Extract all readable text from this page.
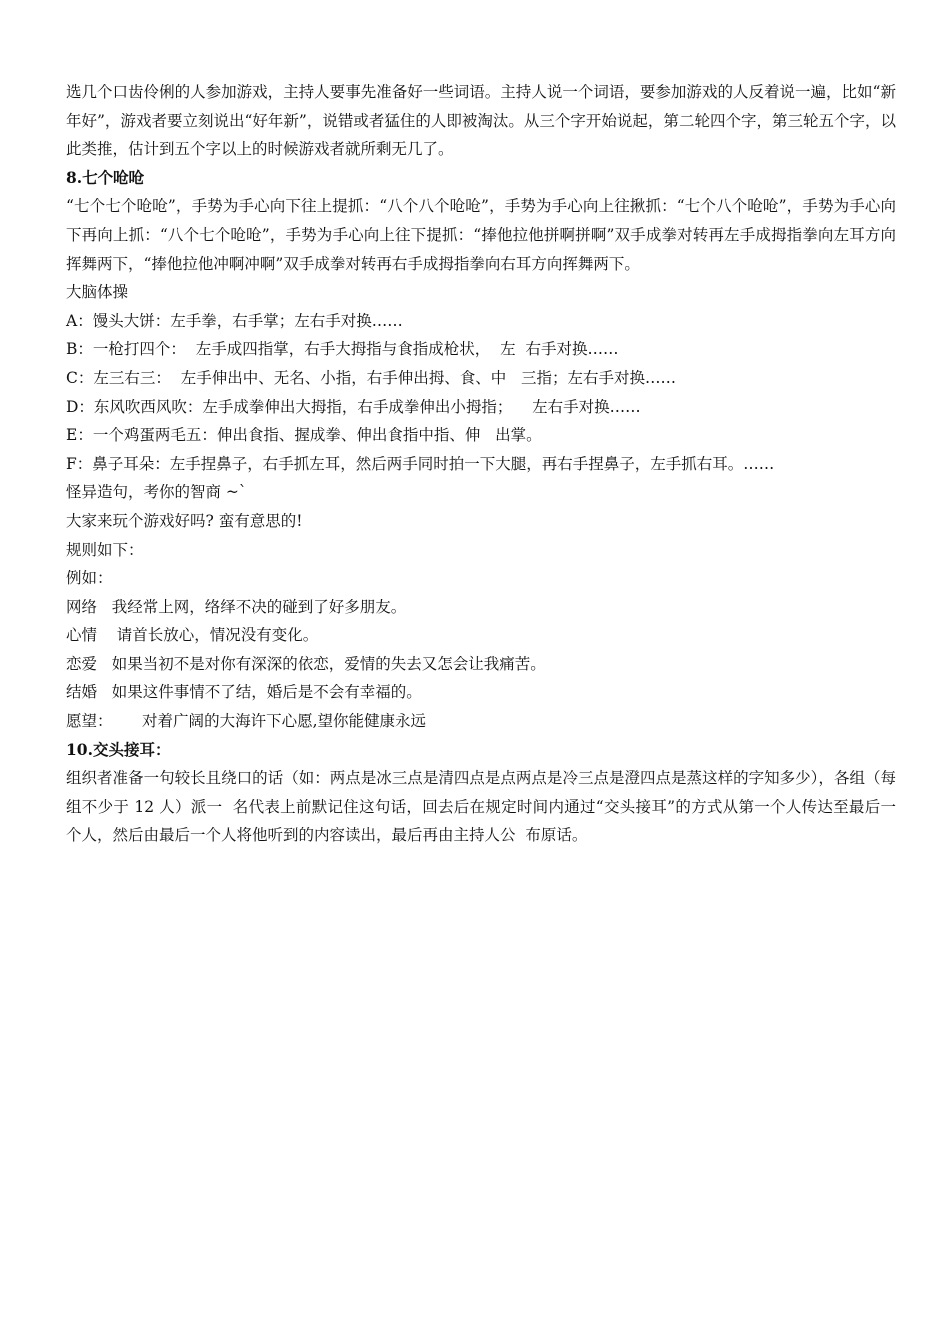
选几个口齿伶俐的人参加游戏，主持人要事先准备好一些词语。主持人说一个词语，要参加游戏的人反着说一遍，比如“新年好”，游戏者要立刻说出“好年新”，说错或者猛住的人即被淘汰。从三个字开始说起，第二轮四个字，第三轮五个字，以此类推，估计到五个字以上的时候游戏者就所剩无几了。

8.七个呛呛

“七个七个呛呛”，手势为手心向下往上提抓：“八个八个呛呛”，手势为手心向上往揪抓：“七个八个呛呛”，手势为手心向下再向上抓：“八个七个呛呛”，手势为手心向上往下提抓：“捧他拉他拼啊拼啊”双手成拳对转再左手成拇指拳向左耳方向挥舞两下，“捧他拉他冲啊冲啊”双手成拳对转再右手成拇指拳向右耳方向挥舞两下。

大脑体操

A：馒头大饼：左手拳，右手掌；左右手对换……

B：一枪打四个：  左手成四指掌，右手大拇指与食指成枪状，  左  右手对换……

C：左三右三：  左手伸出中、无名、小指，右手伸出拇、食、中   三指；左右手对换……

D：东风吹西风吹：左手成拳伸出大拇指，右手成拳伸出小拇指；    左右手对换……

E：一个鸡蛋两毛五：伸出食指、握成拳、伸出食指中指、伸   出掌。

F：鼻子耳朵：左手捏鼻子，右手抓左耳，然后两手同时拍一下大腿，再右手捏鼻子，左手抓右耳。……

怪异造句，考你的智商 ~`

大家来玩个游戏好吗? 蛮有意思的!

规则如下：

例如：

网络   我经常上网，络绎不决的碰到了好多朋友。

心情    请首长放心，情况没有变化。

恋爱   如果当初不是对你有深深的依恋，爱情的失去又怎会让我痛苦。

结婚   如果这件事情不了结，婚后是不会有幸福的。

愿望：      对着广阔的大海许下心愿,望你能健康永远

10.交头接耳：

组织者准备一句较长且绕口的话（如：两点是冰三点是清四点是点两点是冷三点是澄四点是蒸这样的字知多少），各组（每组不少于 12 人）派一  名代表上前默记住这句话，回去后在规定时间内通过“交头接耳”的方式从第一个人传达至最后一个人，然后由最后一个人将他听到的内容读出，最后再由主持人公  布原话。
